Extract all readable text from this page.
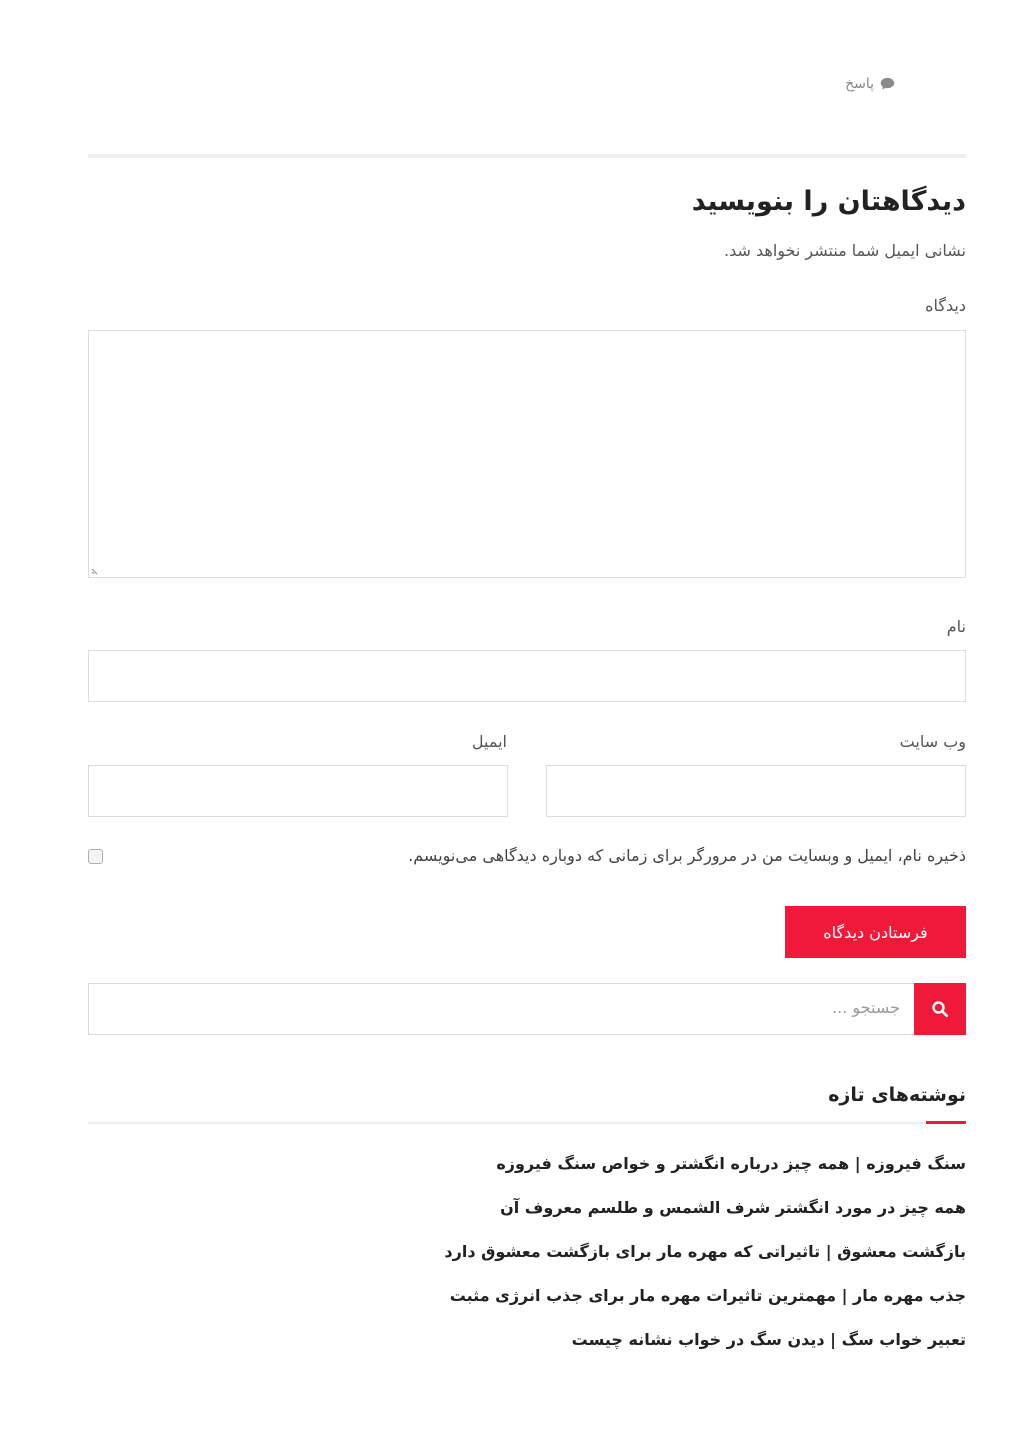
پاسخ
دیدگاهتان را بنویسید

نشانی ایمیل شما منتشر نخواهد شد.

دیدگاه
نام
وب سایت
ایمیل
ذخیره نام، ایمیل و وبسایت من در مرورگر برای زمانی که دوباره دیدگاهی می‌نویسم.
فرستادن دیدگاه
جستجو ...
نوشته‌های تازه
سنگ فیروزه | همه چیز درباره انگشتر و خواص سنگ فیروزه
همه چیز در مورد انگشتر شرف الشمس و طلسم معروف آن
بازگشت معشوق | تاثیراتی که مهره مار برای بازگشت معشوق دارد
جذب مهره مار | مهمترین تاثیرات مهره مار برای جذب انرژی مثبت
تعبیر خواب سگ | دیدن سگ در خواب نشانه چیست
